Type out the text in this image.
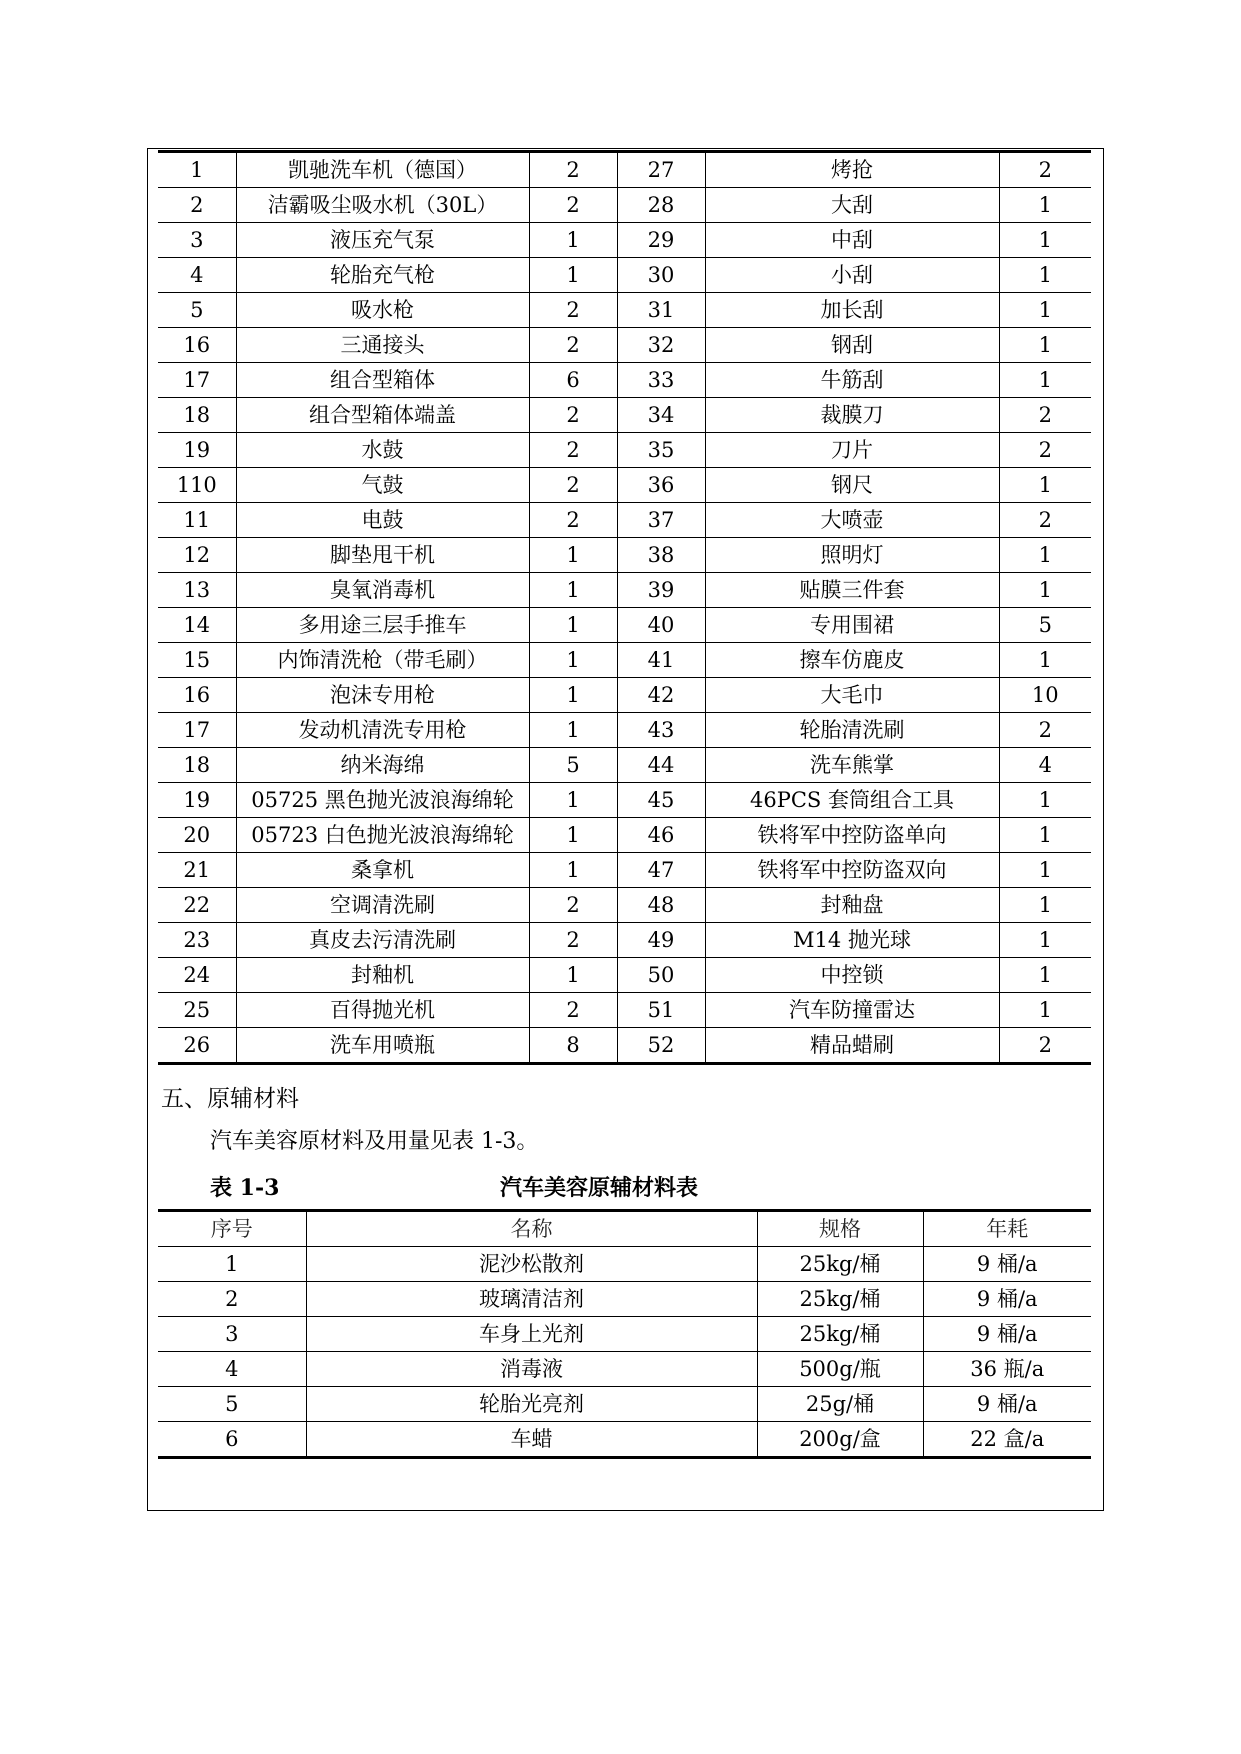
1	凯驰洗车机（德国）	2	27	烤抢	2
2	洁霸吸尘吸水机（30L）	2	28	大刮	1
3	液压充气泵	1	29	中刮	1
4	轮胎充气枪	1	30	小刮	1
5	吸水枪	2	31	加长刮	1
16	三通接头	2	32	钢刮	1
17	组合型箱体	6	33	牛筋刮	1
18	组合型箱体端盖	2	34	裁膜刀	2
19	水鼓	2	35	刀片	2
110	气鼓	2	36	钢尺	1
11	电鼓	2	37	大喷壶	2
12	脚垫甩干机	1	38	照明灯	1
13	臭氧消毒机	1	39	贴膜三件套	1
14	多用途三层手推车	1	40	专用围裙	5
15	内饰清洗枪（带毛刷）	1	41	擦车仿鹿皮	1
16	泡沫专用枪	1	42	大毛巾	10
17	发动机清洗专用枪	1	43	轮胎清洗刷	2
18	纳米海绵	5	44	洗车熊掌	4
19	05725 黑色抛光波浪海绵轮	1	45	46PCS 套筒组合工具	1
20	05723 白色抛光波浪海绵轮	1	46	铁将军中控防盗单向	1
21	桑拿机	1	47	铁将军中控防盗双向	1
22	空调清洗刷	2	48	封釉盘	1
23	真皮去污清洗刷	2	49	M14 抛光球	1
24	封釉机	1	50	中控锁	1
25	百得抛光机	2	51	汽车防撞雷达	1
26	洗车用喷瓶	8	52	精品蜡刷	2
五、原辅材料
汽车美容原材料及用量见表 1-3。
表 1-3	汽车美容原辅材料表
序号	名称	规格	年耗
1	泥沙松散剂	25kg/桶	9 桶/a
2	玻璃清洁剂	25kg/桶	9 桶/a
3	车身上光剂	25kg/桶	9 桶/a
4	消毒液	500g/瓶	36 瓶/a
5	轮胎光亮剂	25g/桶	9 桶/a
6	车蜡	200g/盒	22 盒/a
